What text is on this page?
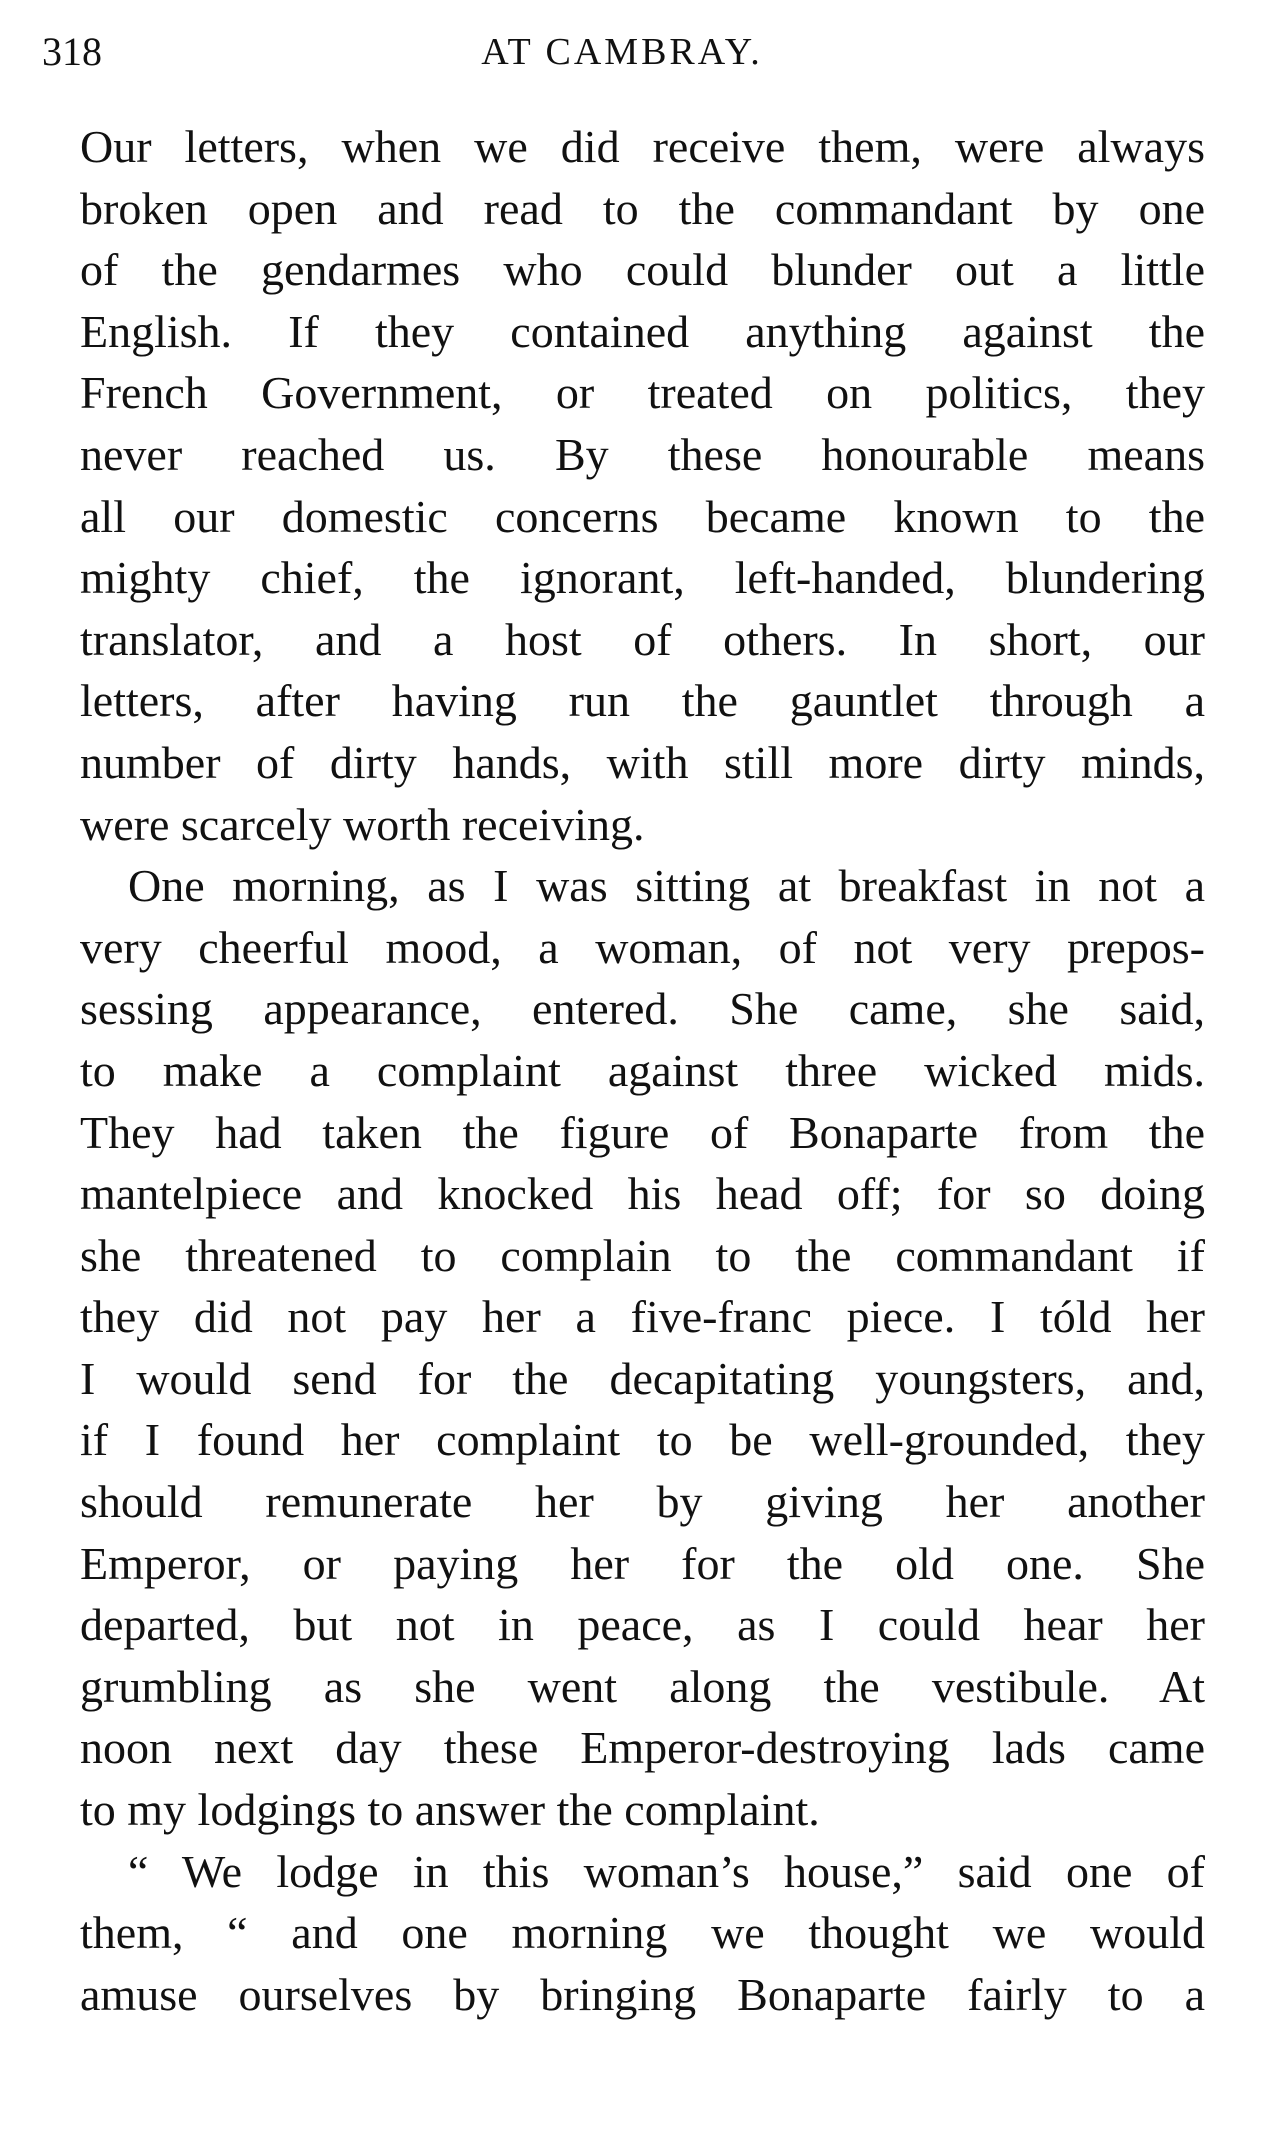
318	AT CAMBRAY.
Our letters, when we did receive them, were always
broken open and read to the commandant by one
of the gendarmes who could blunder out a little
English. If they contained anything against the
French Government, or treated on politics, they
never reached us. By these honourable means
all our domestic concerns became known to the
mighty chief, the ignorant, left-handed, blundering
translator, and a host of others. In short, our
letters, after having run the gauntlet through a
number of dirty hands, with still more dirty minds,
were scarcely worth receiving.
One morning, as I was sitting at breakfast in not a
very cheerful mood, a woman, of not very prepos-
sessing appearance, entered. She came, she said,
to make a complaint against three wicked mids.
They had taken the figure of Bonaparte from the
mantelpiece and knocked his head off; for so doing
she threatened to complain to the commandant if
they did not pay her a five-franc piece. I tóld her
I would send for the decapitating youngsters, and,
if I found her complaint to be well-grounded, they
should remunerate her by giving her another
Emperor, or paying her for the old one. She
departed, but not in peace, as I could hear her
grumbling as she went along the vestibule. At
noon next day these Emperor-destroying lads came
to my lodgings to answer the complaint.
“ We lodge in this woman’s house,” said one of
them, “ and one morning we thought we would
amuse ourselves by bringing Bonaparte fairly to a
